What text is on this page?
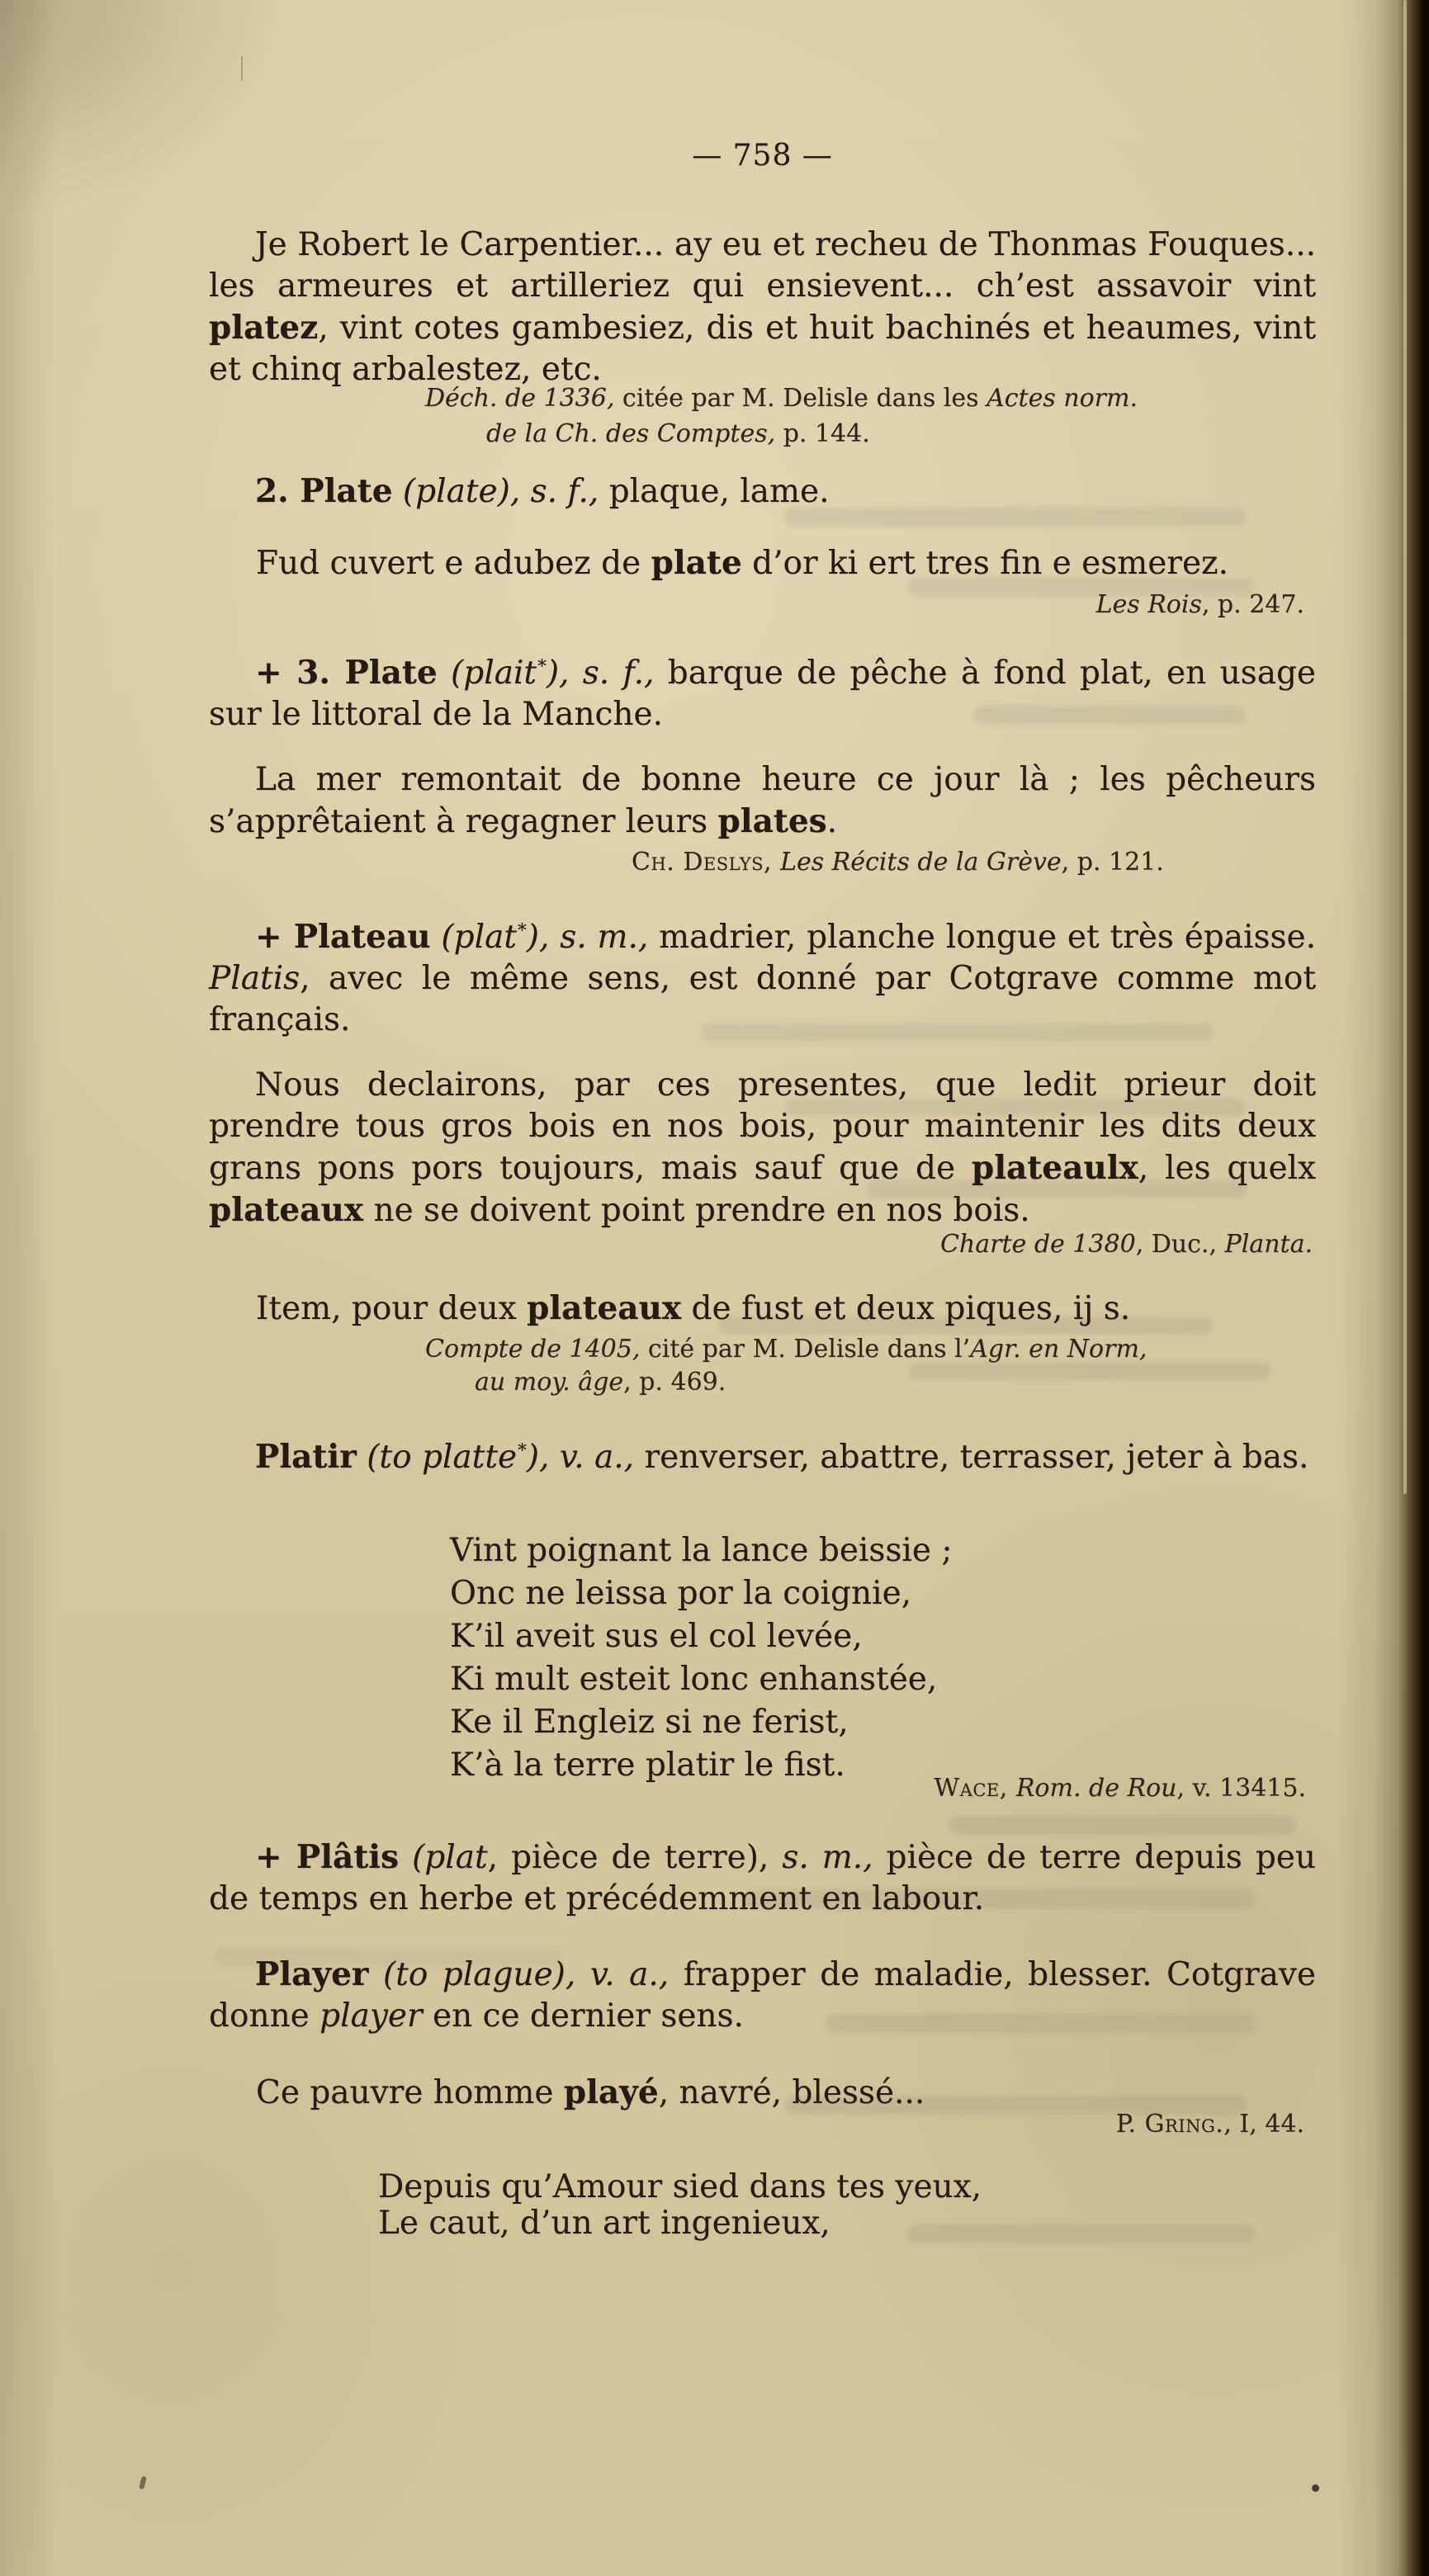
— 758 —

Je Robert le Carpentier... ay eu et recheu de Thonmas Fouques... les armeures et artilleriez qui ensievent... ch’est assavoir vint platez, vint cotes gambesiez, dis et huit bachinés et heaumes, vint et chinq arbalestez, etc.

Déch. de 1336, citée par M. Delisle dans les Actes norm.
de la Ch. des Comptes, p. 144.

2. Plate (plate), s. f., plaque, lame.

Fud cuvert e adubez de plate d’or ki ert tres fin e esmerez.
Les Rois, p. 247.

+ 3. Plate (plait*), s. f., barque de pêche à fond plat, en usage sur le littoral de la Manche.

La mer remontait de bonne heure ce jour là ; les pêcheurs s’apprêtaient à regagner leurs plates.

Ch. Deslys, Les Récits de la Grève, p. 121.

+ Plateau (plat*), s. m., madrier, planche longue et très épaisse. Platis, avec le même sens, est donné par Cotgrave comme mot français.

Nous declairons, par ces presentes, que ledit prieur doit prendre tous gros bois en nos bois, pour maintenir les dits deux grans pons pors toujours, mais sauf que de plateaulx, les quelx plateaux ne se doivent point prendre en nos bois.

Charte de 1380, Duc., Planta.
Item, pour deux plateaux de fust et deux piques, ij s.
Compte de 1405, cité par M. Delisle dans l’Agr. en Norm,
au moy. âge, p. 469.

Platir (to platte*), v. a., renverser, abattre, terrasser, jeter à bas.

Vint poignant la lance beissie ;
Onc ne leissa por la coignie,
K’il aveit sus el col levée,
Ki mult esteit lonc enhanstée,
Ke il Engleiz si ne ferist,
K’à la terre platir le fist.
Wace, Rom. de Rou, v. 13415.

+ Plâtis (plat, pièce de terre), s. m., pièce de terre depuis peu de temps en herbe et précédemment en labour.

Player (to plague), v. a., frapper de maladie, blesser. Cotgrave donne player en ce dernier sens.

Ce pauvre homme playé, navré, blessé...
P. Gring., I, 44.
Depuis qu’Amour sied dans tes yeux,
Le caut, d’un art ingenieux,
